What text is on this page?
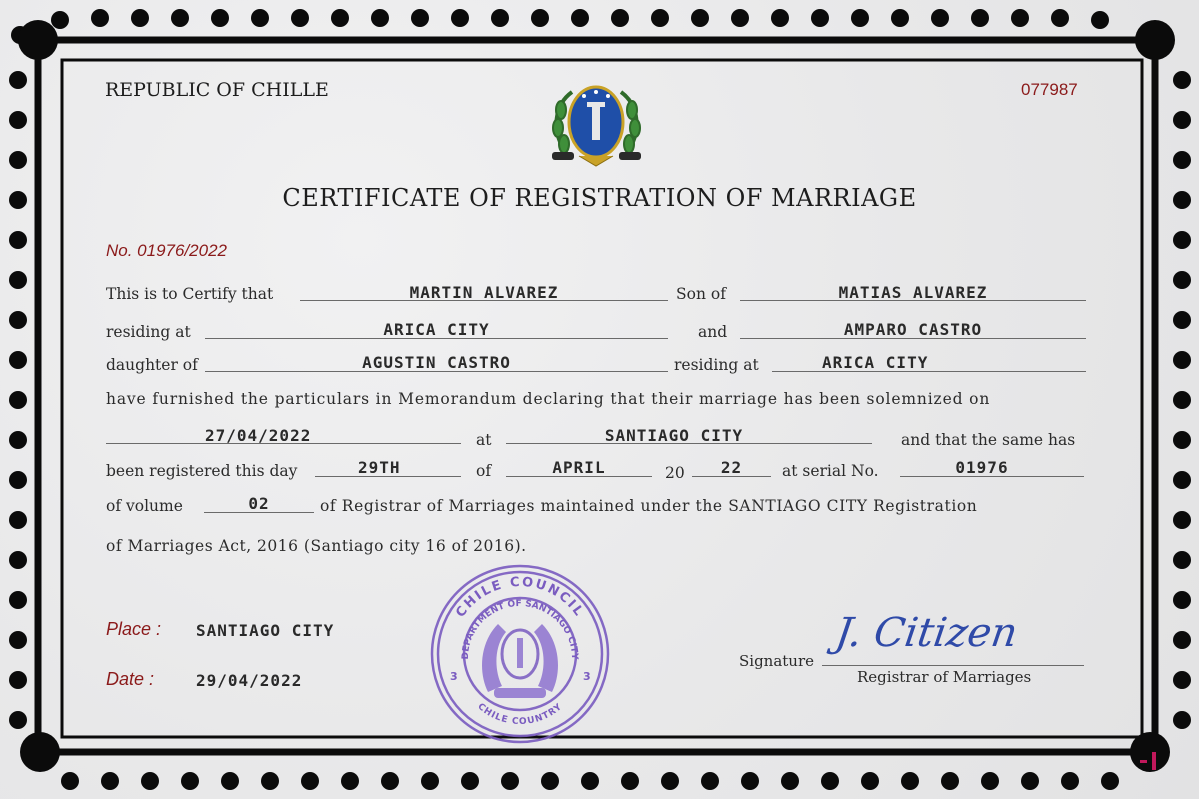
REPUBLIC OF CHILLE	077987
CERTIFICATE OF REGISTRATION OF MARRIAGE
No. 01976/2022
This is to Certify that	MARTIN ALVAREZ	Son of	MATIAS ALVAREZ
residing at	ARICA CITY	and	AMPARO CASTRO
daughter of	AGUSTIN CASTRO	residing at	ARICA CITY
have furnished the particulars in Memorandum declaring that their marriage has been solemnized on
27/04/2022	at	SANTIAGO CITY	and that the same has
been registered this day	29TH	of	APRIL	20	22	at serial No.	01976
of volume	02	of Registrar of Marriages maintained under the SANTIAGO CITY Registration
of Marriages Act, 2016 (Santiago city 16 of 2016).
Place : SANTIAGO CITY
Date :	29/04/2022
CHILE COUNCIL
DEPARTMENT OF SANTIAGO CITY
CHILE COUNTRY
3	3
Signature
J. Citizen
Registrar of Marriages
